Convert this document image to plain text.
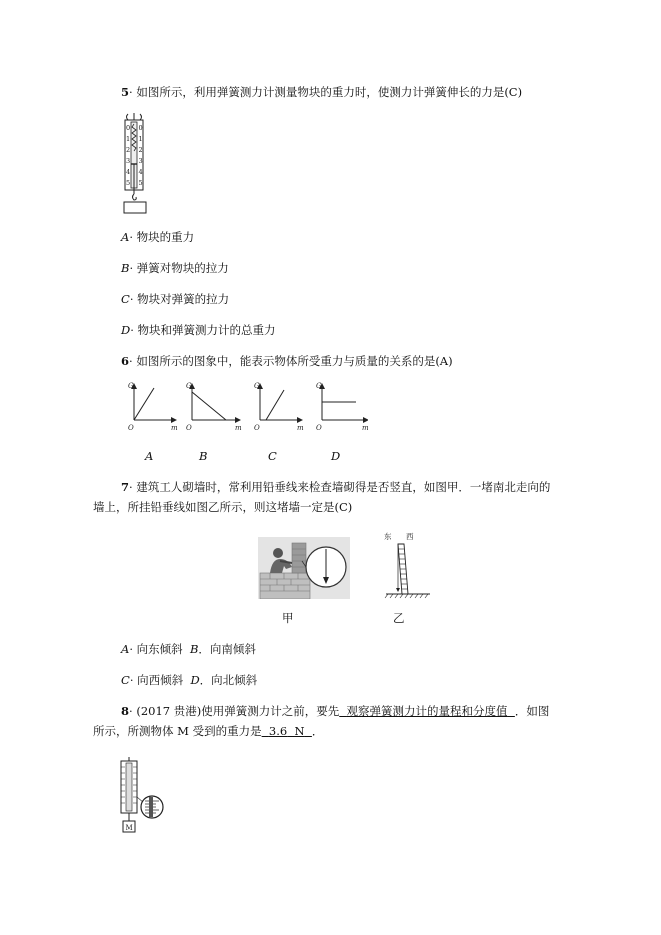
5· 如图所示，利用弹簧测力计测量物块的重力时，使测力计弹簧伸长的力是(C)
0
1
2
3
4
5
0
1
2
3
4
5
A· 物块的重力
B· 弹簧对物块的拉力
C· 物块对弹簧的拉力
D· 物块和弹簧测力计的总重力
6· 如图所示的图象中，能表示物体所受重力与质量的关系的是(A)
G
O	m
G
O	m
G
O	m
G
O	m
A	B	C	D
7· 建筑工人砌墙时，常利用铅垂线来检查墙砌得是否竖直，如图甲．一堵南北走向的
墙上，所挂铅垂线如图乙所示，则这堵墙一定是(C)
东 西
甲	乙
A· 向东倾斜 B．向南倾斜
C· 向西倾斜 D．向北倾斜
8· (2017 贵港)使用弹簧测力计之前，要先 观察弹簧测力计的量程和分度值 ．如图
所示，所测物体 M 受到的重力是 3.6 N ．
M
